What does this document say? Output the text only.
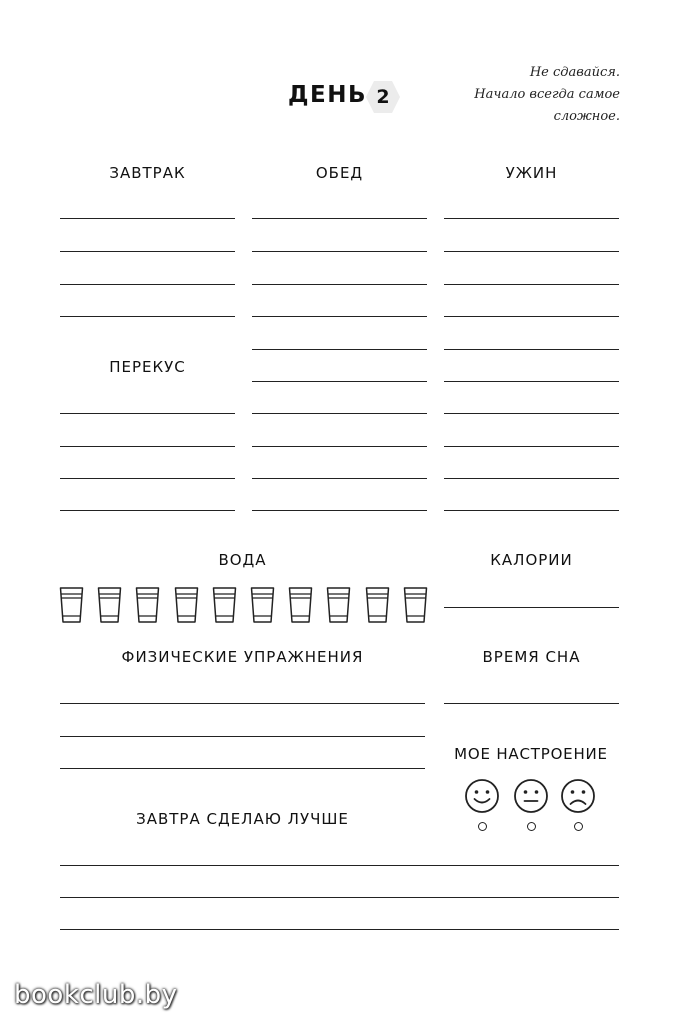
Не сдавайся.
Начало всегда самое
сложное.
ДЕНЬ 2
ЗАВТРАК	ОБЕД	УЖИН
ПЕРЕКУС
ВОДА	КАЛОРИИ
ФИЗИЧЕСКИЕ УПРАЖНЕНИЯ	ВРЕМЯ СНА
МОЕ НАСТРОЕНИЕ
ЗАВТРА СДЕЛАЮ ЛУЧШЕ
bookclub.by
